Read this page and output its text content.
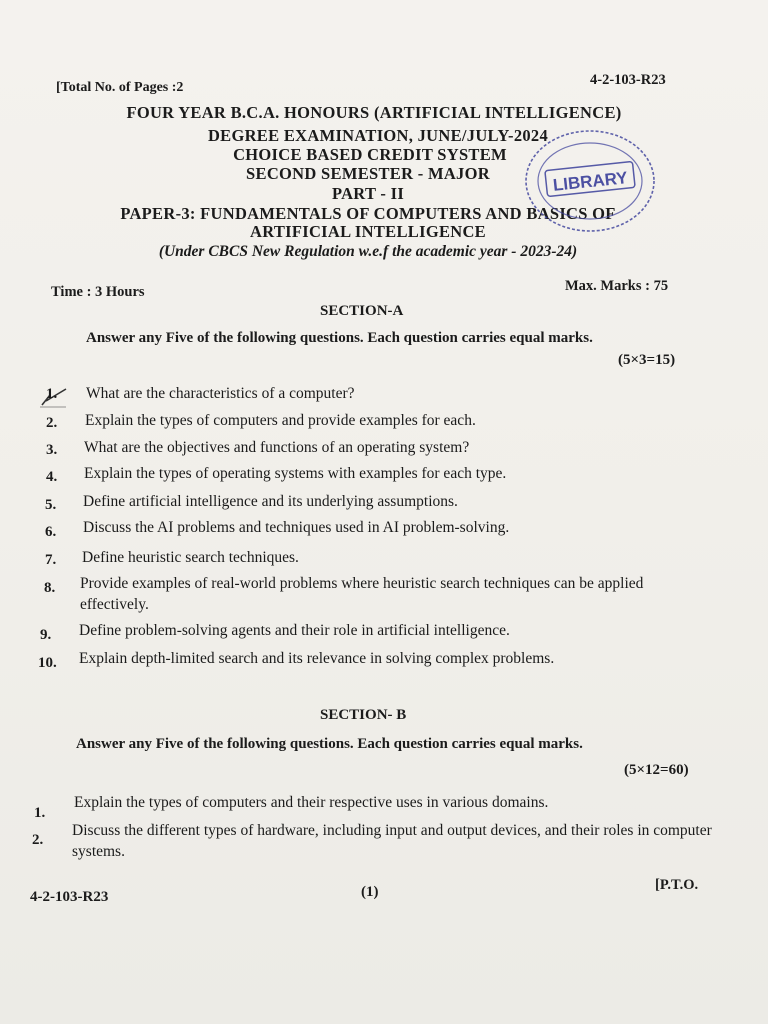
[Total No. of Pages :2	4-2-103-R23
FOUR YEAR B.C.A. HONOURS (ARTIFICIAL INTELLIGENCE)
DEGREE EXAMINATION, JUNE/JULY-2024
CHOICE BASED CREDIT SYSTEM
SECOND SEMESTER - MAJOR
PART - II
PAPER-3: FUNDAMENTALS OF COMPUTERS AND BASICS OF
ARTIFICIAL INTELLIGENCE
(Under CBCS New Regulation w.e.f the academic year - 2023-24)
LIBRARY
Time : 3 Hours	Max. Marks : 75
SECTION-A
Answer any Five of the following questions. Each question carries equal marks.
(5×3=15)
1.	What are the characteristics of a computer?
2.	Explain the types of computers and provide examples for each.
3.	What are the objectives and functions of an operating system?
4.	Explain the types of operating systems with examples for each type.
5.	Define artificial intelligence and its underlying assumptions.
6.	Discuss the AI problems and techniques used in AI problem-solving.
7.	Define heuristic search techniques.
8.	Provide examples of real-world problems where heuristic search techniques can be applied effectively.
9.	Define problem-solving agents and their role in artificial intelligence.
10.	Explain depth-limited search and its relevance in solving complex problems.
SECTION- B
Answer any Five of the following questions. Each question carries equal marks.
(5×12=60)
1.
Explain the types of computers and their respective uses in various domains.
2.
Discuss the different types of hardware, including input and output devices, and their roles in computer systems.
4-2-103-R23	(1)	[P.T.O.
